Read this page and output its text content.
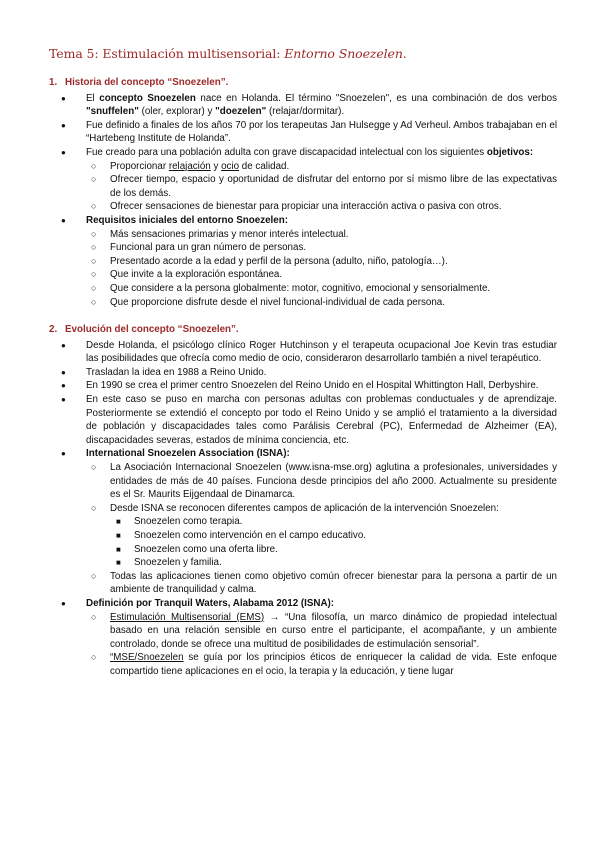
Tema 5: Estimulación multisensorial: Entorno Snoezelen.
1. Historia del concepto “Snoezelen”.
● El concepto Snoezelen nace en Holanda. El término "Snoezelen", es una combinación de dos verbos "snuffelen" (oler, explorar) y "doezelen" (relajar/dormitar).
● Fue definido a finales de los años 70 por los terapeutas Jan Hulsegge y Ad Verheul. Ambos trabajaban en el “Hartebeng Institute de Holanda”.
● Fue creado para una población adulta con grave discapacidad intelectual con los siguientes objetivos:
○ Proporcionar relajación y ocio de calidad.
○ Ofrecer tiempo, espacio y oportunidad de disfrutar del entorno por sí mismo libre de las expectativas de los demás.
○ Ofrecer sensaciones de bienestar para propiciar una interacción activa o pasiva con otros.
● Requisitos iniciales del entorno Snoezelen:
○ Más sensaciones primarias y menor interés intelectual.
○ Funcional para un gran número de personas.
○ Presentado acorde a la edad y perfil de la persona (adulto, niño, patología…).
○ Que invite a la exploración espontánea.
○ Que considere a la persona globalmente: motor, cognitivo, emocional y sensorialmente.
○ Que proporcione disfrute desde el nivel funcional-individual de cada persona.
2. Evolución del concepto “Snoezelen”.
● Desde Holanda, el psicólogo clínico Roger Hutchinson y el terapeuta ocupacional Joe Kevin tras estudiar las posibilidades que ofrecía como medio de ocio, consideraron desarrollarlo también a nivel terapéutico.
● Trasladan la idea en 1988 a Reino Unido.
● En 1990 se crea el primer centro Snoezelen del Reino Unido en el Hospital Whittington Hall, Derbyshire.
● En este caso se puso en marcha con personas adultas con problemas conductuales y de aprendizaje. Posteriormente se extendió el concepto por todo el Reino Unido y se amplió el tratamiento a la diversidad de población y discapacidades tales como Parálisis Cerebral (PC), Enfermedad de Alzheimer (EA), discapacidades severas, estados de mínima conciencia, etc.
● International Snoezelen Association (ISNA):
○ La Asociación Internacional Snoezelen (www.isna-mse.org) aglutina a profesionales, universidades y entidades de más de 40 países. Funciona desde principios del año 2000. Actualmente su presidente es el Sr. Maurits Eijgendaal de Dinamarca.
○ Desde ISNA se reconocen diferentes campos de aplicación de la intervención Snoezelen:
■ Snoezelen como terapia.
■ Snoezelen como intervención en el campo educativo.
■ Snoezelen como una oferta libre.
■ Snoezelen y familia.
○ Todas las aplicaciones tienen como objetivo común ofrecer bienestar para la persona a partir de un ambiente de tranquilidad y calma.
● Definición por Tranquil Waters, Alabama 2012 (ISNA):
○ Estimulación Multisensorial (EMS) → “Una filosofía, un marco dinámico de propiedad intelectual basado en una relación sensible en curso entre el participante, el acompañante, y un ambiente controlado, donde se ofrece una multitud de posibilidades de estimulación sensorial”.
○ “MSE/Snoezelen se guía por los principios éticos de enriquecer la calidad de vida. Este enfoque compartido tiene aplicaciones en el ocio, la terapia y la educación, y tiene lugar
